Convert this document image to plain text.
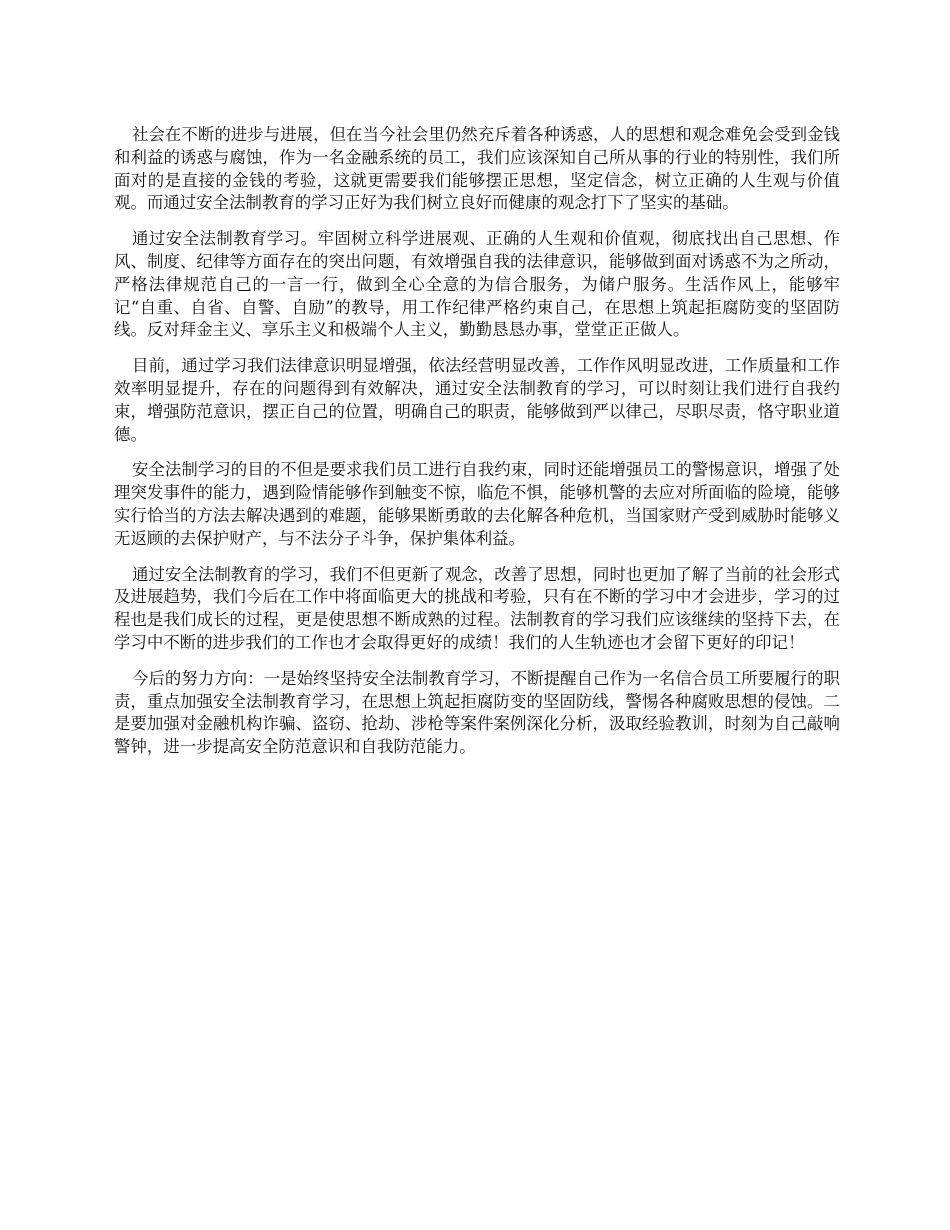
社会在不断的进步与进展，但在当今社会里仍然充斥着各种诱惑，人的思想和观念难免会受到金钱和利益的诱惑与腐蚀，作为一名金融系统的员工，我们应该深知自己所从事的行业的特别性，我们所面对的是直接的金钱的考验，这就更需要我们能够摆正思想，坚定信念，树立正确的人生观与价值观。而通过安全法制教育的学习正好为我们树立良好而健康的观念打下了坚实的基础。

通过安全法制教育学习。牢固树立科学进展观、正确的人生观和价值观，彻底找出自己思想、作风、制度、纪律等方面存在的突出问题，有效增强自我的法律意识，能够做到面对诱惑不为之所动，严格法律规范自己的一言一行，做到全心全意的为信合服务，为储户服务。生活作风上，能够牢记“自重、自省、自警、自励”的教导，用工作纪律严格约束自己，在思想上筑起拒腐防变的坚固防线。反对拜金主义、享乐主义和极端个人主义，勤勤恳恳办事，堂堂正正做人。

目前，通过学习我们法律意识明显增强，依法经营明显改善，工作作风明显改进，工作质量和工作效率明显提升，存在的问题得到有效解决，通过安全法制教育的学习，可以时刻让我们进行自我约束，增强防范意识，摆正自己的位置，明确自己的职责，能够做到严以律己，尽职尽责，恪守职业道德。

安全法制学习的目的不但是要求我们员工进行自我约束，同时还能增强员工的警惕意识，增强了处理突发事件的能力，遇到险情能够作到触变不惊，临危不惧，能够机警的去应对所面临的险境，能够实行恰当的方法去解决遇到的难题，能够果断勇敢的去化解各种危机，当国家财产受到威胁时能够义无返顾的去保护财产，与不法分子斗争，保护集体利益。

通过安全法制教育的学习，我们不但更新了观念，改善了思想，同时也更加了解了当前的社会形式及进展趋势，我们今后在工作中将面临更大的挑战和考验，只有在不断的学习中才会进步，学习的过程也是我们成长的过程，更是使思想不断成熟的过程。法制教育的学习我们应该继续的坚持下去，在学习中不断的进步我们的工作也才会取得更好的成绩！我们的人生轨迹也才会留下更好的印记！

今后的努力方向：一是始终坚持安全法制教育学习，不断提醒自己作为一名信合员工所要履行的职责，重点加强安全法制教育学习，在思想上筑起拒腐防变的坚固防线，警惕各种腐败思想的侵蚀。二是要加强对金融机构诈骗、盗窃、抢劫、涉枪等案件案例深化分析，汲取经验教训，时刻为自己敲响警钟，进一步提高安全防范意识和自我防范能力。
